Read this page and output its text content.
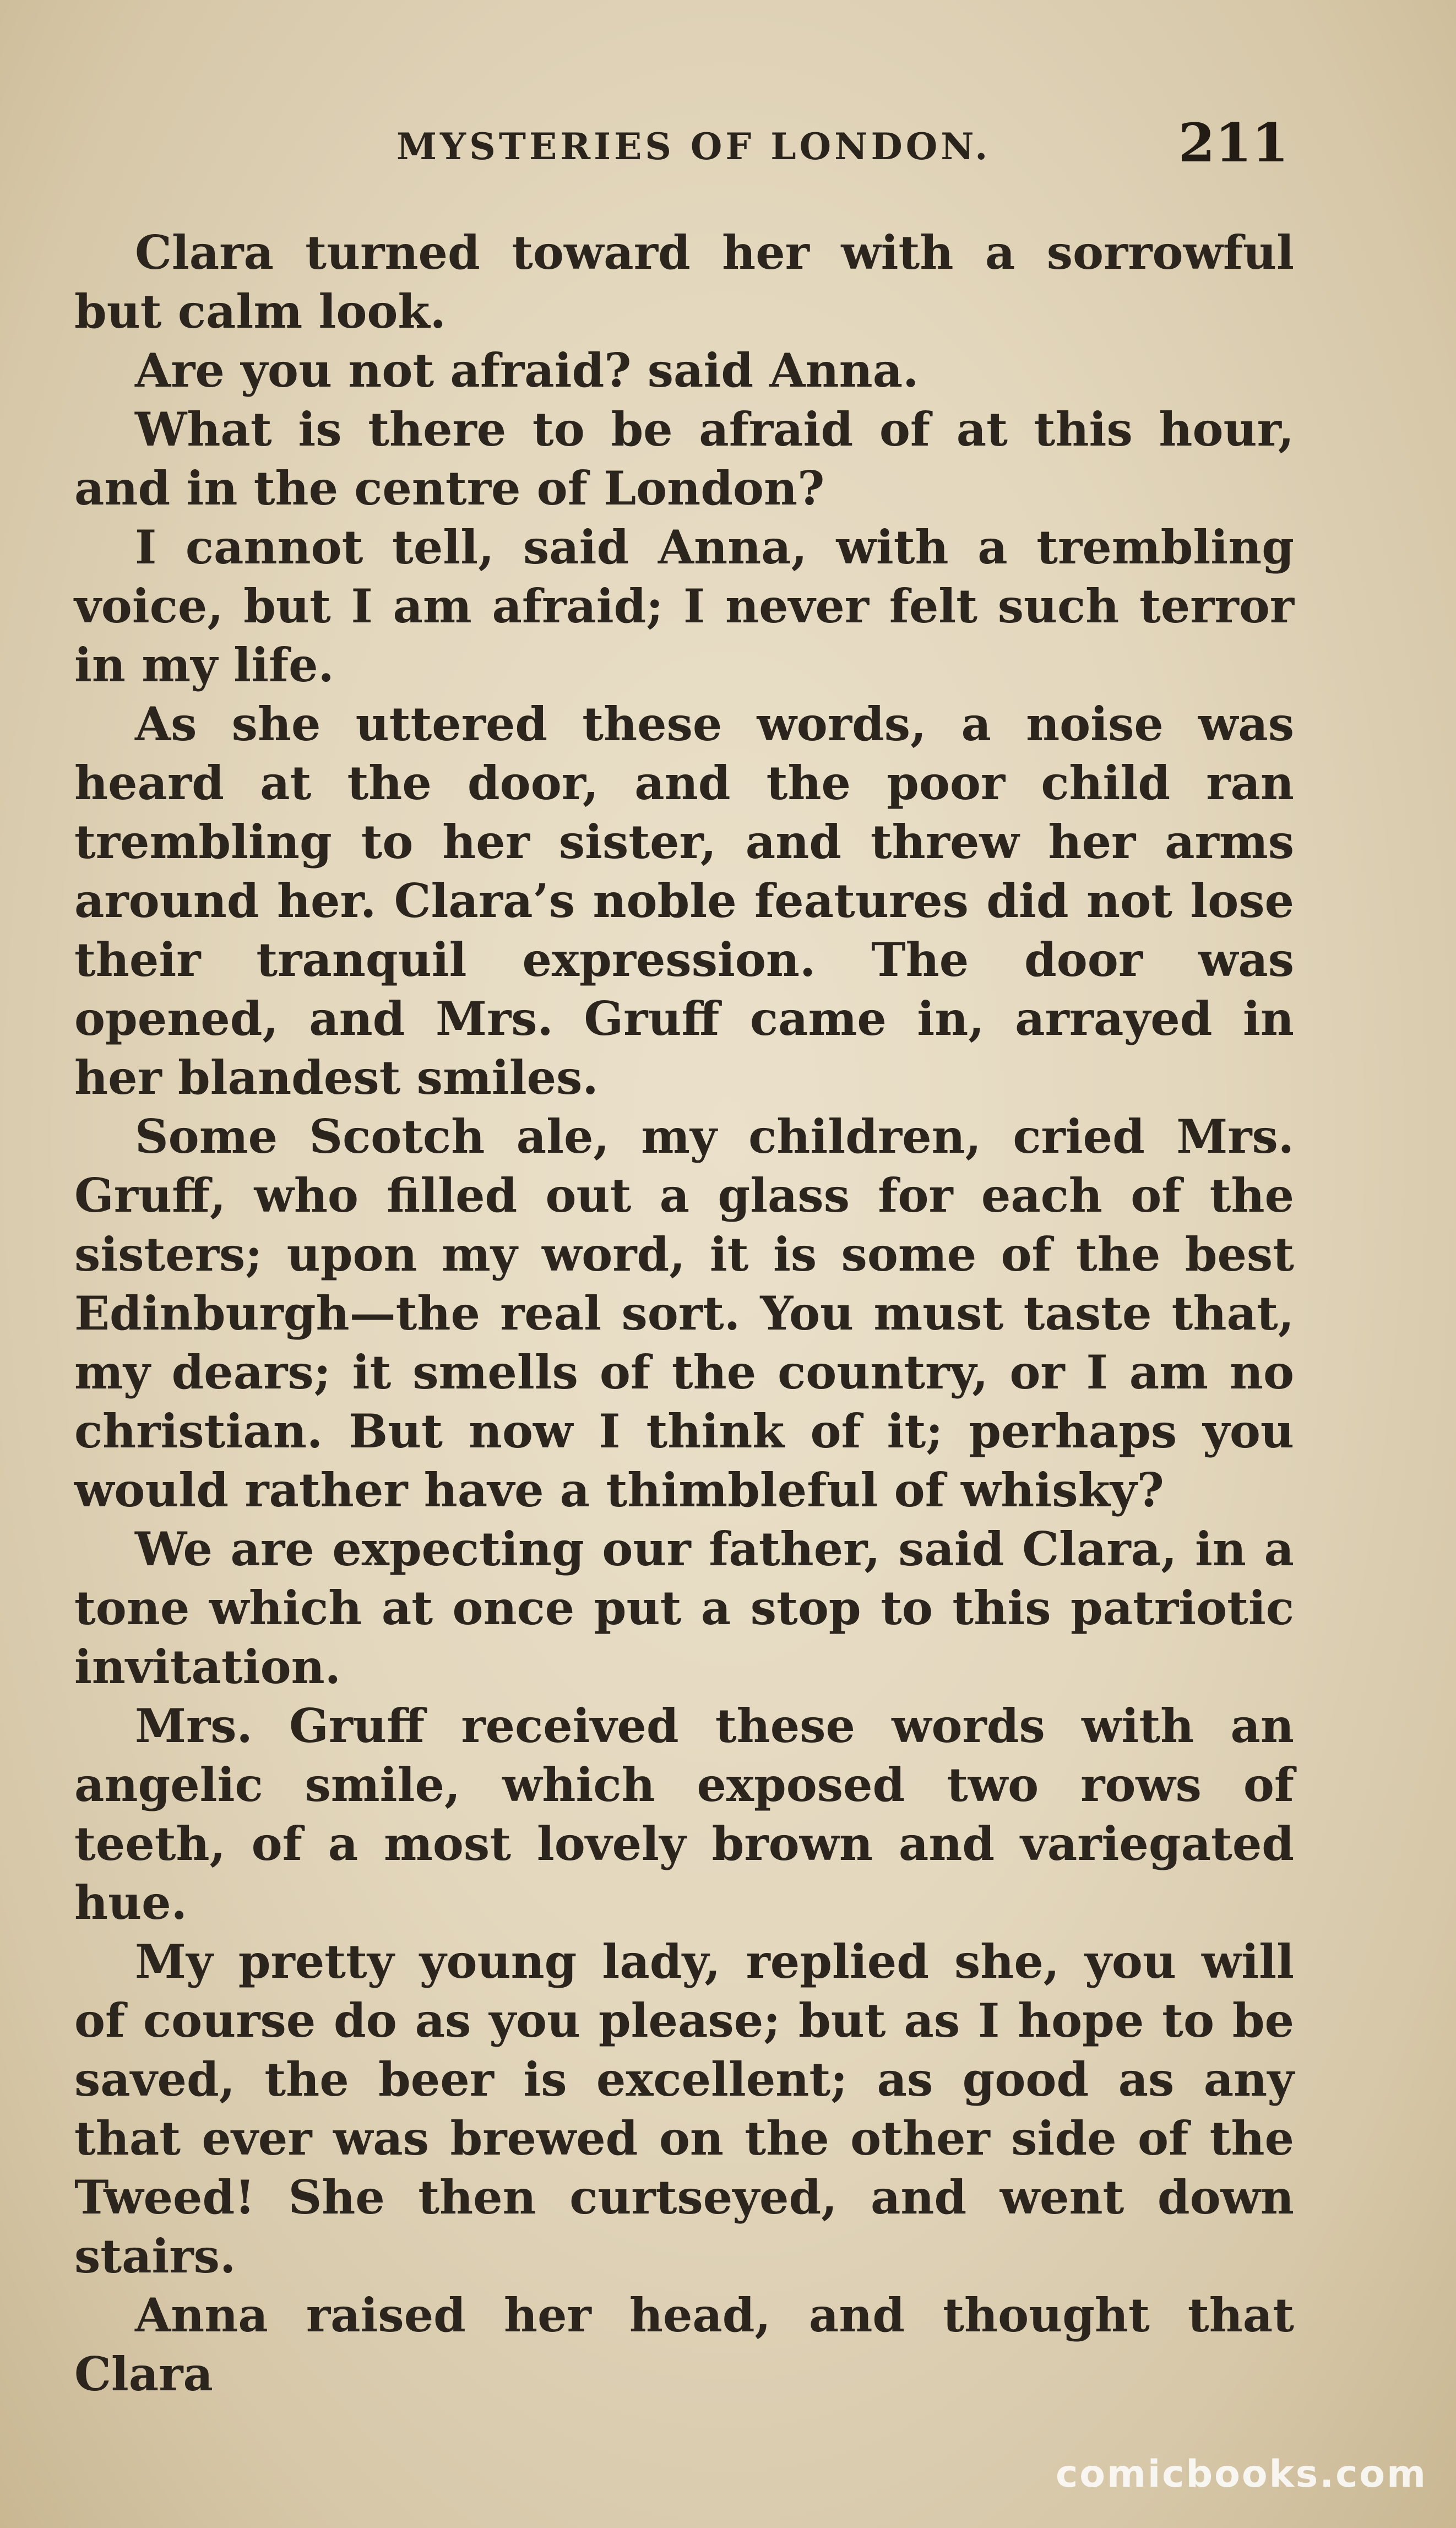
MYSTERIES OF LONDON.	211

Clara turned toward her with a sorrowful but calm look.

Are you not afraid? said Anna.

What is there to be afraid of at this hour, and in the centre of London?

I cannot tell, said Anna, with a trembling voice, but I am afraid; I never felt such terror in my life.

As she uttered these words, a noise was heard at the door, and the poor child ran trembling to her sister, and threw her arms around her. Clara’s noble features did not lose their tranquil expression. The door was opened, and Mrs. Gruff came in, arrayed in her blandest smiles.

Some Scotch ale, my children, cried Mrs. Gruff, who filled out a glass for each of the sisters; upon my word, it is some of the best Edinburgh—the real sort. You must taste that, my dears; it smells of the country, or I am no christian. But now I think of it; perhaps you would rather have a thimbleful of whisky?

We are expecting our father, said Clara, in a tone which at once put a stop to this patriotic invitation.

Mrs. Gruff received these words with an angelic smile, which exposed two rows of teeth, of a most lovely brown and variegated hue.

My pretty young lady, replied she, you will of course do as you please; but as I hope to be saved, the beer is excellent; as good as any that ever was brewed on the other side of the Tweed! She then curtseyed, and went down stairs.

Anna raised her head, and thought that Clara

comicbooks.com
